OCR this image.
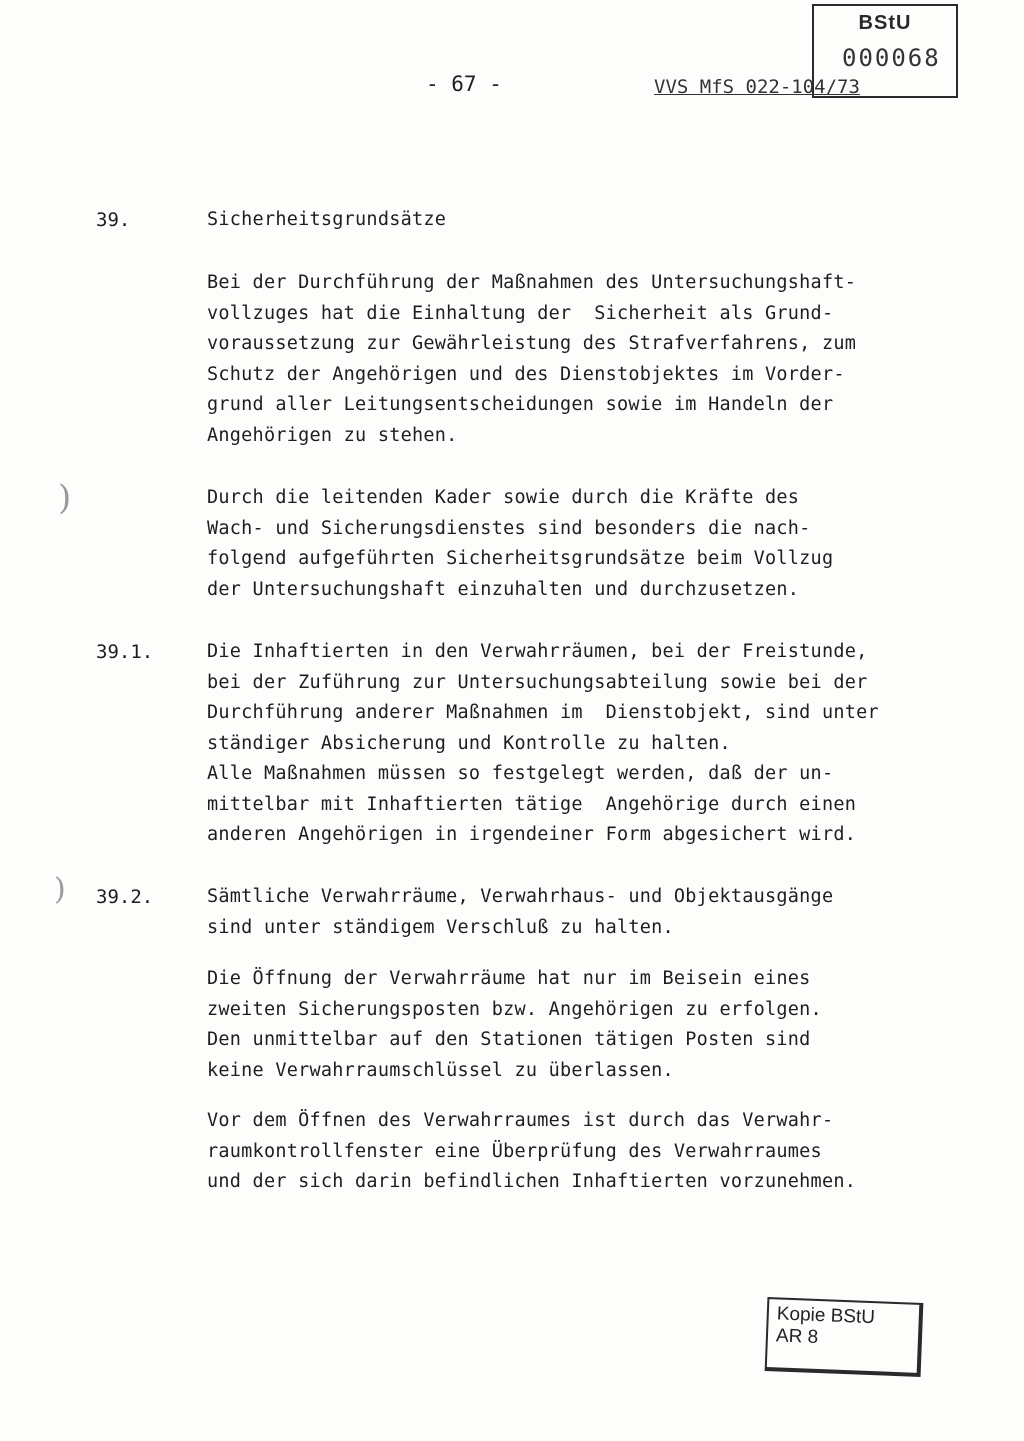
BStU
000068
- 67 -	VVS MfS 022-104/73
39.	Sicherheitsgrundsätze
Bei der Durchführung der Maßnahmen des Untersuchungshaft-
vollzuges hat die Einhaltung der  Sicherheit als Grund-
voraussetzung zur Gewährleistung des Strafverfahrens, zum
Schutz der Angehörigen und des Dienstobjektes im Vorder-
grund aller Leitungsentscheidungen sowie im Handeln der
Angehörigen zu stehen.
Durch die leitenden Kader sowie durch die Kräfte des
Wach- und Sicherungsdienstes sind besonders die nach-
folgend aufgeführten Sicherheitsgrundsätze beim Vollzug
der Untersuchungshaft einzuhalten und durchzusetzen.
39.1.	Die Inhaftierten in den Verwahrräumen, bei der Freistunde,
bei der Zuführung zur Untersuchungsabteilung sowie bei der
Durchführung anderer Maßnahmen im  Dienstobjekt, sind unter
ständiger Absicherung und Kontrolle zu halten.
Alle Maßnahmen müssen so festgelegt werden, daß der un-
mittelbar mit Inhaftierten tätige  Angehörige durch einen
anderen Angehörigen in irgendeiner Form abgesichert wird.
39.2.	Sämtliche Verwahrräume, Verwahrhaus- und Objektausgänge
sind unter ständigem Verschluß zu halten.
Die Öffnung der Verwahrräume hat nur im Beisein eines
zweiten Sicherungsposten bzw. Angehörigen zu erfolgen.
Den unmittelbar auf den Stationen tätigen Posten sind
keine Verwahrraumschlüssel zu überlassen.
Vor dem Öffnen des Verwahrraumes ist durch das Verwahr-
raumkontrollfenster eine Überprüfung des Verwahrraumes
und der sich darin befindlichen Inhaftierten vorzunehmen.
)
)
Kopie BStU
AR 8
